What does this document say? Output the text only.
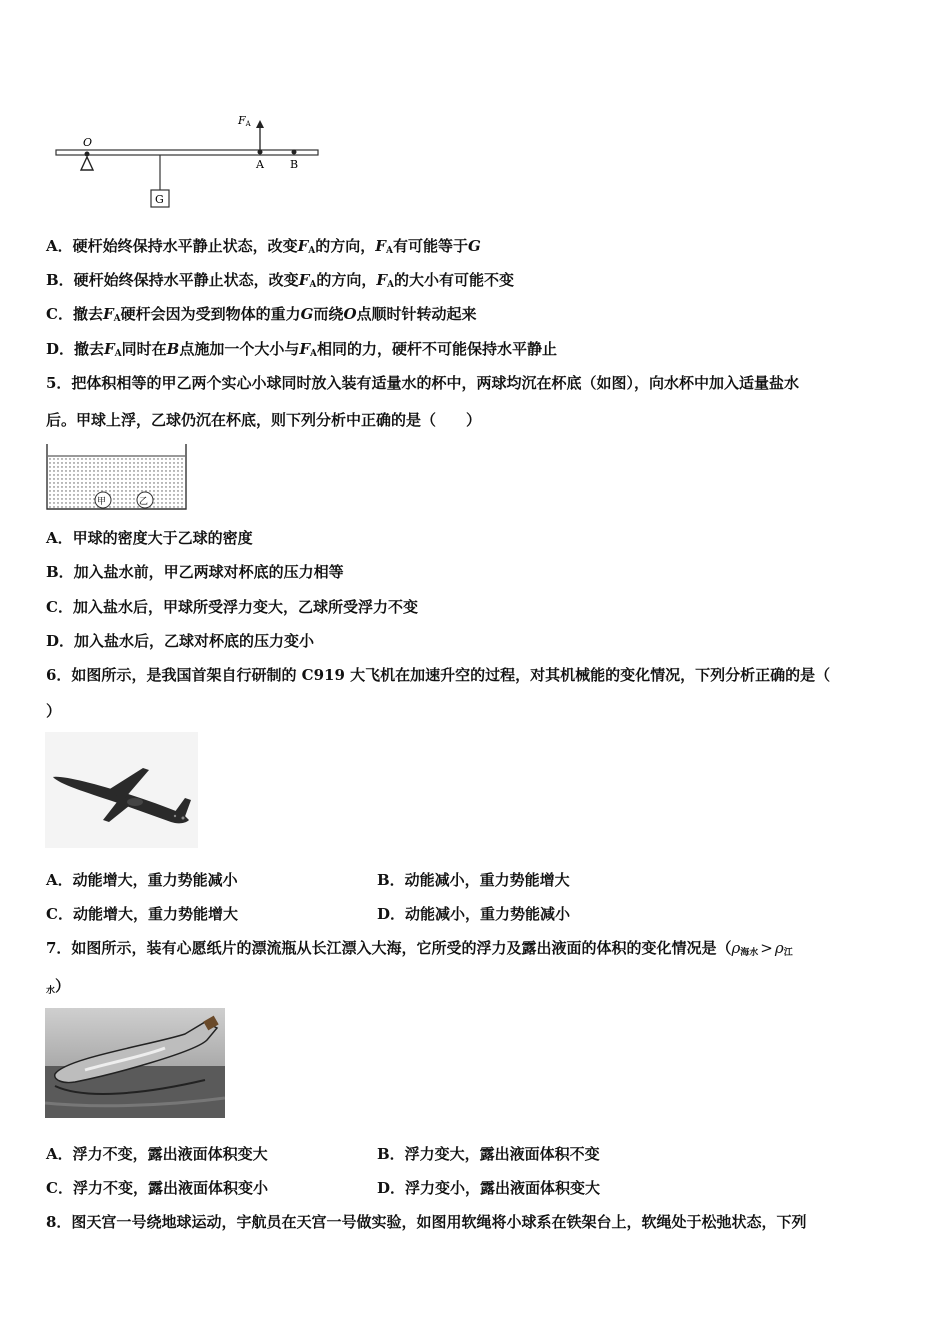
O
G
FA
A B
A．硬杆始终保持水平静止状态，改变$F_A$的方向，$F_A$有可能等于G
B．硬杆始终保持水平静止状态，改变$F_A$的方向，$F_A$的大小有可能不变
C．撤去$F_A$硬杆会因为受到物体的重力G而绕O点顺时针转动起来
D．撤去$F_A$同时在B点施加一个大小与$F_A$相同的力，硬杆不可能保持水平静止
5．把体积相等的甲乙两个实心小球同时放入装有适量水的杯中，两球均沉在杯底（如图），向水杯中加入适量盐水
后。甲球上浮，乙球仍沉在杯底，则下列分析中正确的是（　　）
甲	乙
A．甲球的密度大于乙球的密度
B．加入盐水前，甲乙两球对杯底的压力相等
C．加入盐水后，甲球所受浮力变大，乙球所受浮力不变
D．加入盐水后，乙球对杯底的压力变小
6．如图所示，是我国首架自行研制的 C919 大飞机在加速升空的过程，对其机械能的变化情况，下列分析正确的是（
）
A．动能增大，重力势能减小	B．动能减小，重力势能增大
C．动能增大，重力势能增大	D．动能减小，重力势能减小
7．如图所示，装有心愿纸片的漂流瓶从长江漂入大海，它所受的浮力及露出液面的体积的变化情况是（$\rho_{海水} > \rho_江$
$_水$）
A．浮力不变，露出液面体积变大	B．浮力变大，露出液面体积不变
C．浮力不变，露出液面体积变小	D．浮力变小，露出液面体积变大
8．图天宫一号绕地球运动，宇航员在天宫一号做实验，如图用软绳将小球系在铁架台上，软绳处于松弛状态，下列
